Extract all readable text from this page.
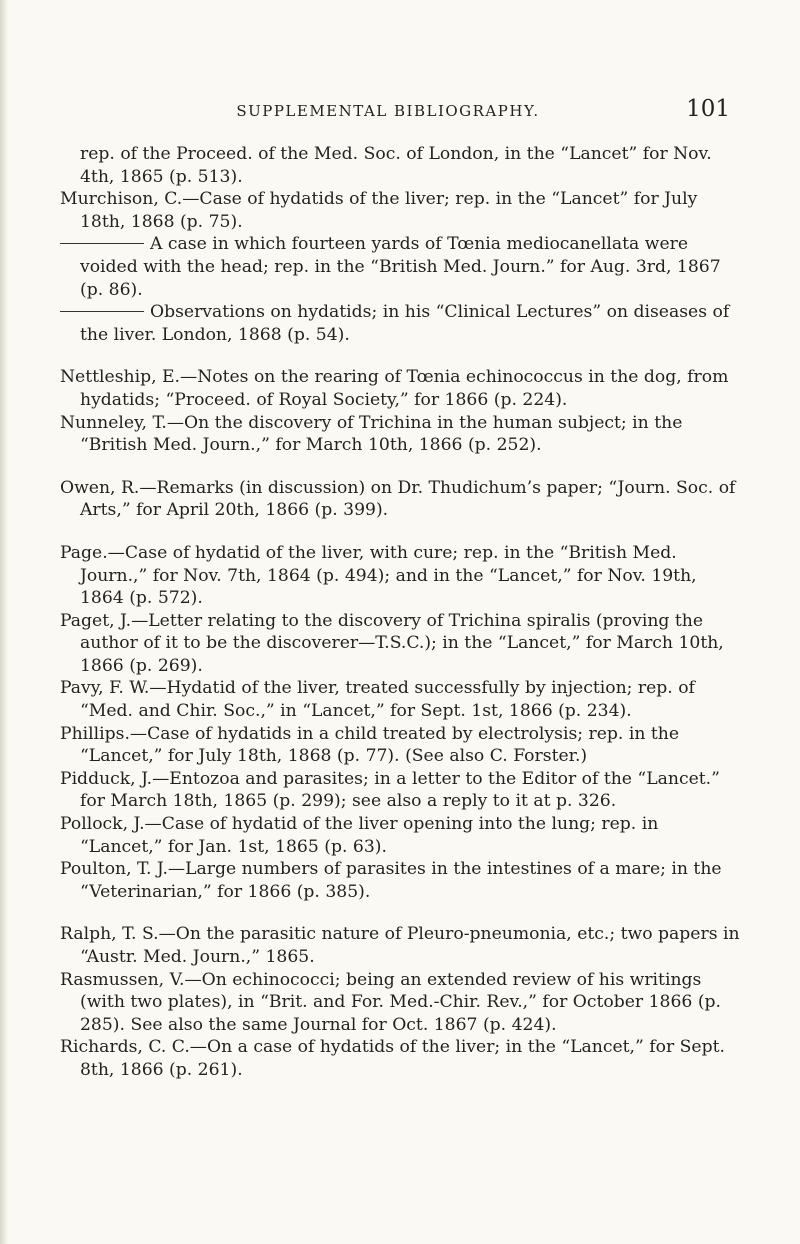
SUPPLEMENTAL BIBLIOGRAPHY.	101

rep. of the Proceed. of the Med. Soc. of London, in the “Lancet” for Nov. 4th, 1865 (p. 513).

Murchison, C.—Case of hydatids of the liver; rep. in the “Lancet” for July 18th, 1868 (p. 75).

A case in which fourteen yards of Tœnia mediocanellata were voided with the head; rep. in the “British Med. Journ.” for Aug. 3rd, 1867 (p. 86).

Observations on hydatids; in his “Clinical Lectures” on diseases of the liver. London, 1868 (p. 54).

Nettleship, E.—Notes on the rearing of Tœnia echinococcus in the dog, from hydatids; “Proceed. of Royal Society,” for 1866 (p. 224).

Nunneley, T.—On the discovery of Trichina in the human subject; in the “British Med. Journ.,” for March 10th, 1866 (p. 252).

Owen, R.—Remarks (in discussion) on Dr. Thudichum’s paper; “Journ. Soc. of Arts,” for April 20th, 1866 (p. 399).

Page.—Case of hydatid of the liver, with cure; rep. in the “British Med. Journ.,” for Nov. 7th, 1864 (p. 494); and in the “Lancet,” for Nov. 19th, 1864 (p. 572).

Paget, J.—Letter relating to the discovery of Trichina spiralis (proving the author of it to be the discoverer—T.S.C.); in the “Lancet,” for March 10th, 1866 (p. 269).

Pavy, F. W.—Hydatid of the liver, treated successfully by injection; rep. of “Med. and Chir. Soc.,” in “Lancet,” for Sept. 1st, 1866 (p. 234).

Phillips.—Case of hydatids in a child treated by electrolysis; rep. in the “Lancet,” for July 18th, 1868 (p. 77). (See also C. Forster.)

Pidduck, J.—Entozoa and parasites; in a letter to the Editor of the “Lancet.” for March 18th, 1865 (p. 299); see also a reply to it at p. 326.

Pollock, J.—Case of hydatid of the liver opening into the lung; rep. in “Lancet,” for Jan. 1st, 1865 (p. 63).

Poulton, T. J.—Large numbers of parasites in the intestines of a mare; in the “Veterinarian,” for 1866 (p. 385).

Ralph, T. S.—On the parasitic nature of Pleuro-pneumonia, etc.; two papers in “Austr. Med. Journ.,” 1865.

Rasmussen, V.—On echinococci; being an extended review of his writings (with two plates), in “Brit. and For. Med.-Chir. Rev.,” for October 1866 (p. 285). See also the same Journal for Oct. 1867 (p. 424).

Richards, C. C.—On a case of hydatids of the liver; in the “Lancet,” for Sept. 8th, 1866 (p. 261).
